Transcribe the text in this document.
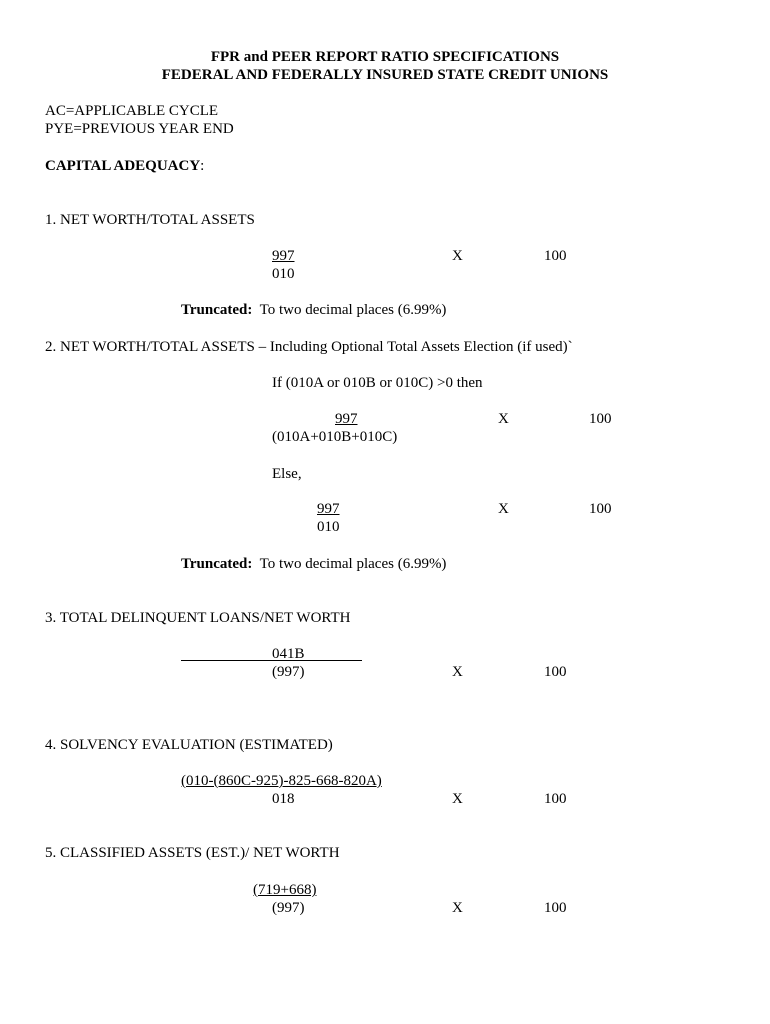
FPR and PEER REPORT RATIO SPECIFICATIONS
FEDERAL AND FEDERALLY INSURED STATE CREDIT UNIONS
AC=APPLICABLE CYCLE
PYE=PREVIOUS YEAR END
CAPITAL ADEQUACY:
1. NET WORTH/TOTAL ASSETS
997	X	100
010
Truncated: To two decimal places (6.99%)
2. NET WORTH/TOTAL ASSETS – Including Optional Total Assets Election (if used)`
If (010A or 010B or 010C) >0 then
997	X	100
(010A+010B+010C)
Else,
997	X	100
010
Truncated: To two decimal places (6.99%)
3. TOTAL DELINQUENT LOANS/NET WORTH
041B
(997)	X	100
4. SOLVENCY EVALUATION (ESTIMATED)
(010-(860C-925)-825-668-820A)
018	X	100
5. CLASSIFIED ASSETS (EST.)/ NET WORTH
(719+668)
(997)	X	100
